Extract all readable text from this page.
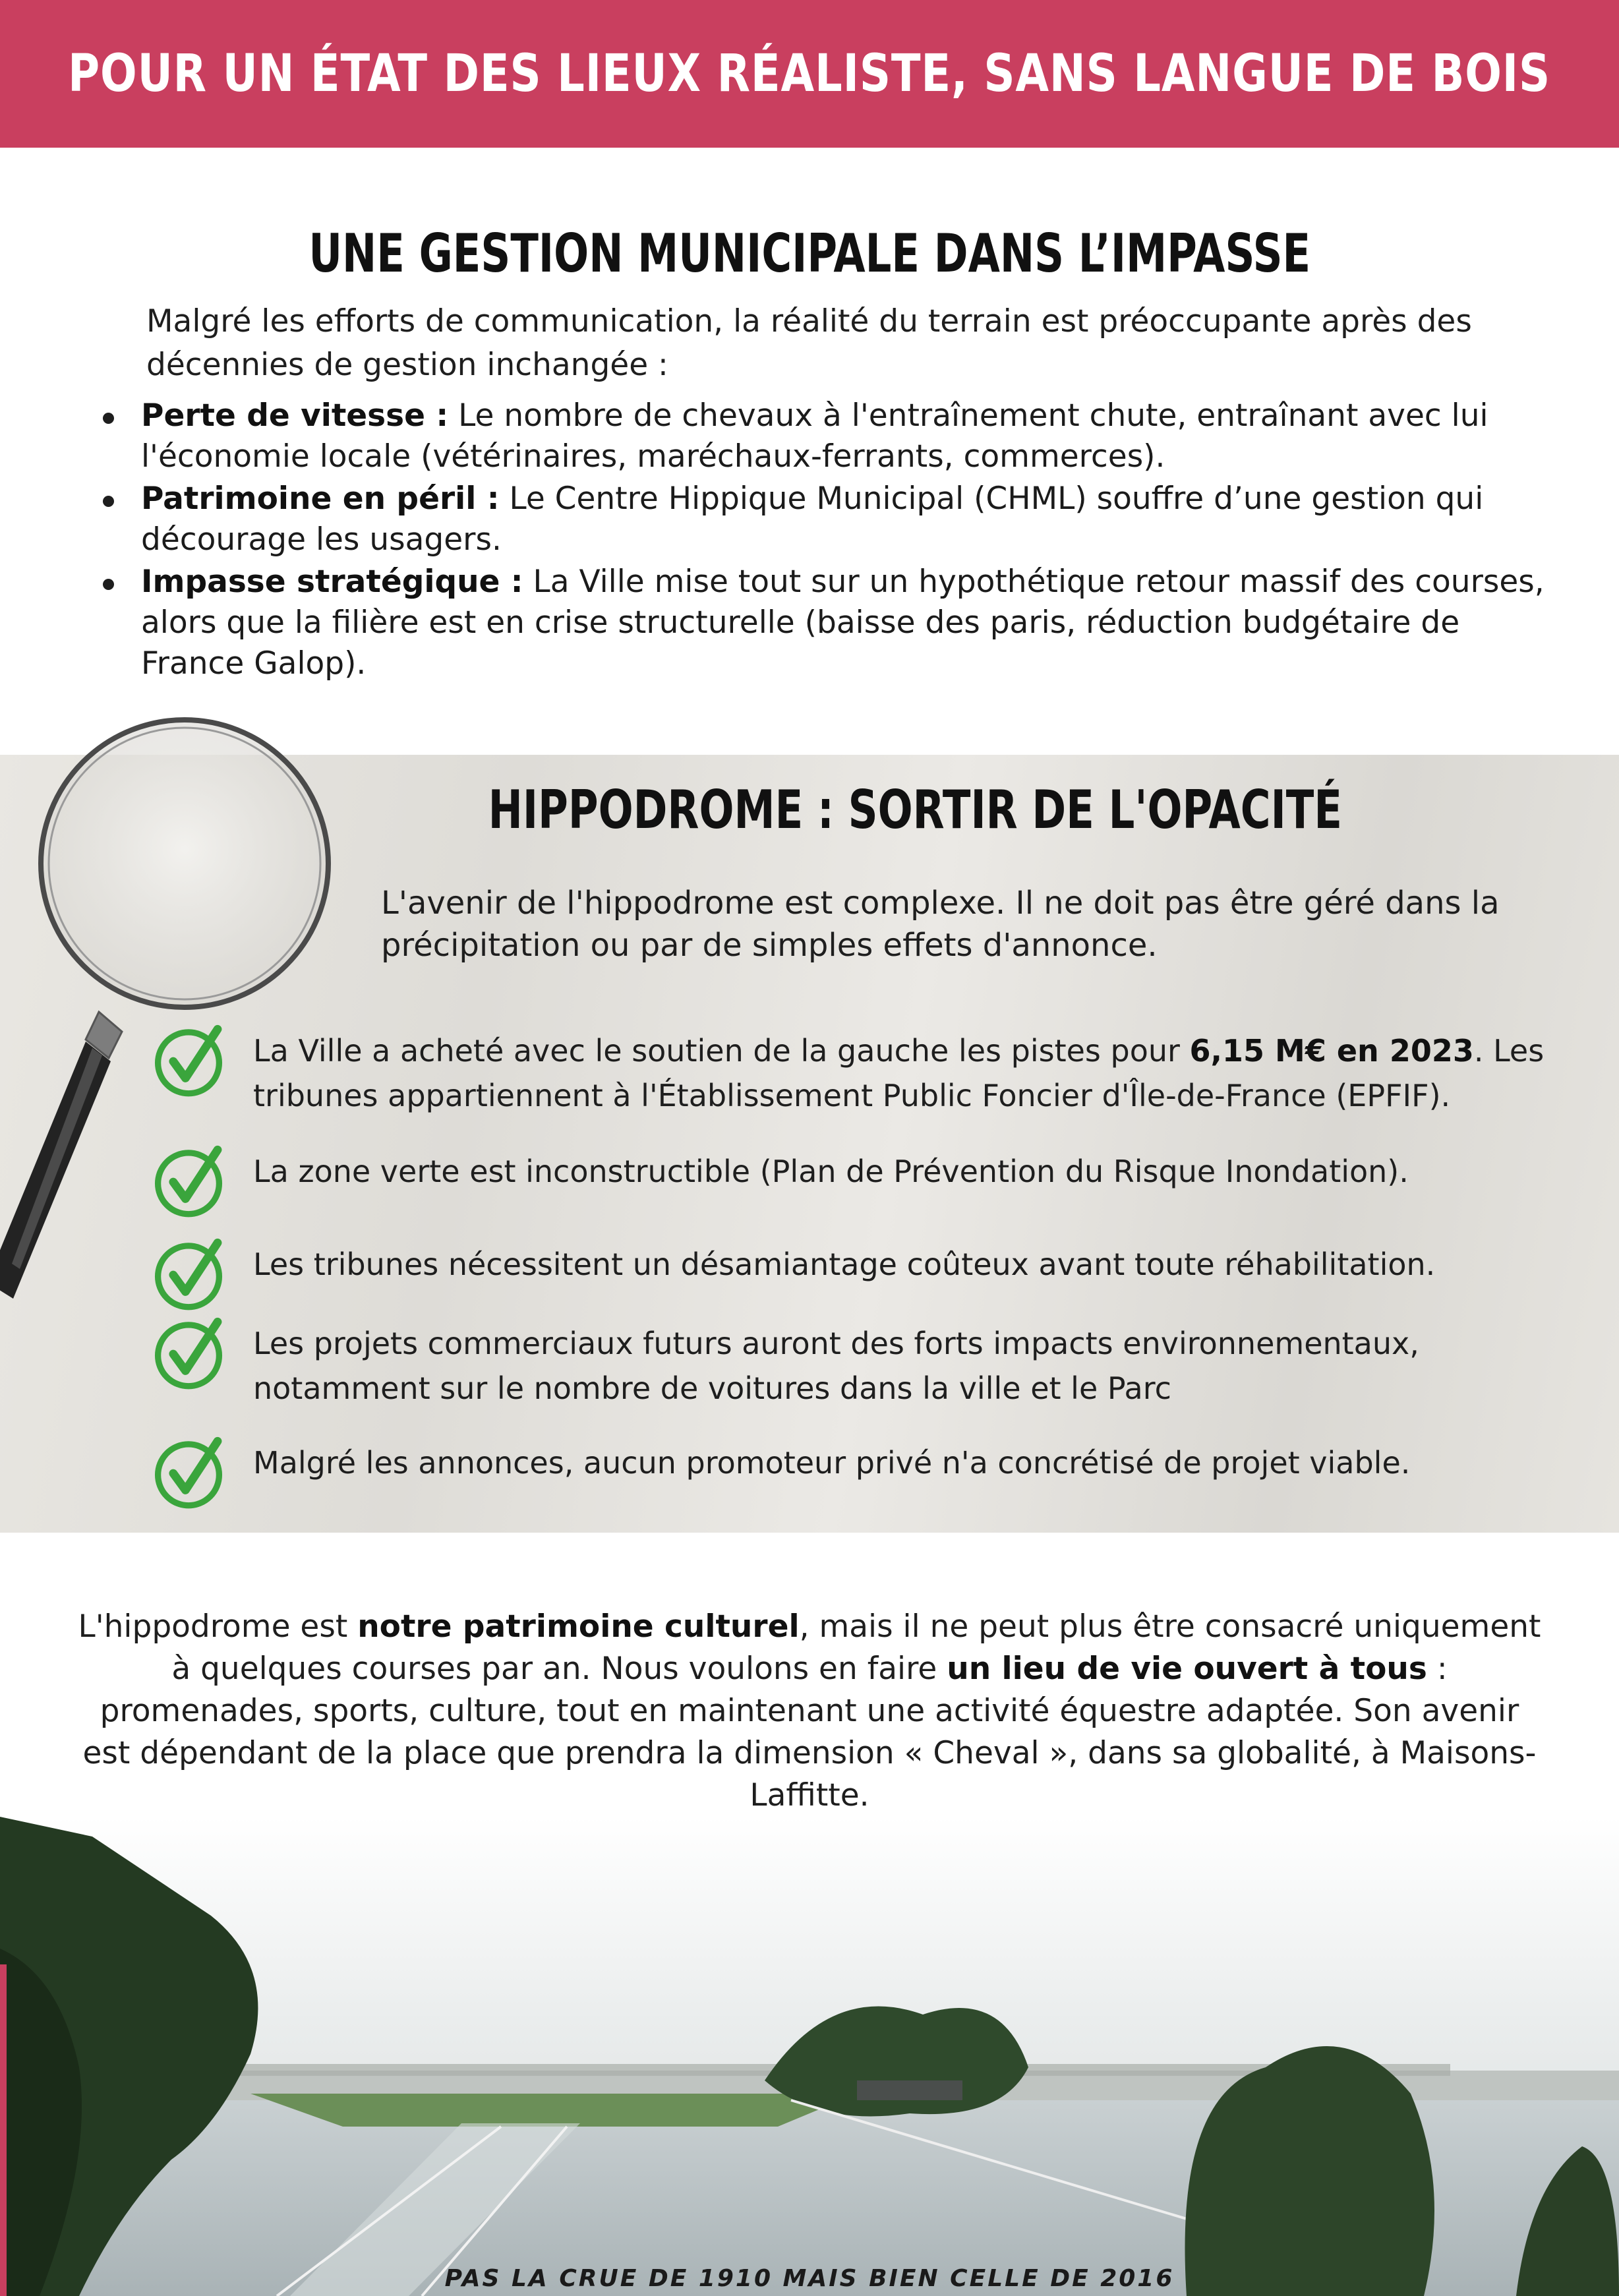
POUR UN ÉTAT DES LIEUX RÉALISTE, SANS LANGUE DE BOIS
UNE GESTION MUNICIPALE DANS L’IMPASSE
Malgré les efforts de communication, la réalité du terrain est préoccupante après des décennies de gestion inchangée :
Perte de vitesse : Le nombre de chevaux à l'entraînement chute, entraînant avec lui l'économie locale (vétérinaires, maréchaux-ferrants, commerces).
Patrimoine en péril : Le Centre Hippique Municipal (CHML) souffre d’une gestion qui décourage les usagers.
Impasse stratégique : La Ville mise tout sur un hypothétique retour massif des courses, alors que la filière est en crise structurelle (baisse des paris, réduction budgétaire de France Galop).
HIPPODROME : SORTIR DE L'OPACITÉ
L'avenir de l'hippodrome est complexe. Il ne doit pas être géré dans la précipitation ou par de simples effets d'annonce.
La Ville a acheté avec le soutien de la gauche les pistes pour 6,15 M€ en 2023. Les tribunes appartiennent à l'Établissement Public Foncier d'Île-de-France (EPFIF).
La zone verte est inconstructible (Plan de Prévention du Risque Inondation).
Les tribunes nécessitent un désamiantage coûteux avant toute réhabilitation.
Les projets commerciaux futurs auront des forts impacts environnementaux, notamment sur le nombre de voitures dans la ville et le Parc
Malgré les annonces, aucun promoteur privé n'a concrétisé de projet viable.
L'hippodrome est notre patrimoine culturel, mais il ne peut plus être consacré uniquement à quelques courses par an. Nous voulons en faire un lieu de vie ouvert à tous : promenades, sports, culture, tout en maintenant une activité équestre adaptée. Son avenir est dépendant de la place que prendra la dimension « Cheval », dans sa globalité, à Maisons-Laffitte.
PAS LA CRUE DE 1910 MAIS BIEN CELLE DE 2016
